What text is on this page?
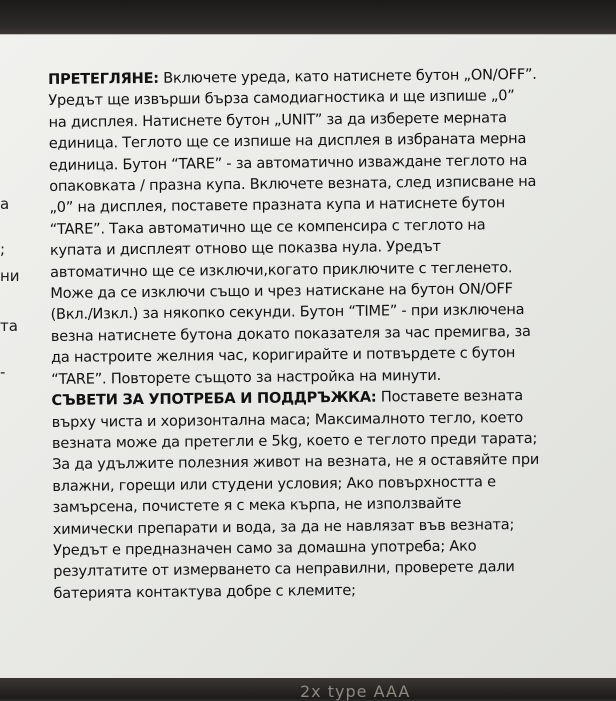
a
;
ни
та
-
ПРЕТЕГЛЯНЕ: Включете уреда, като натиснете бутон „ON/OFF”.
Уредът ще извърши бърза самодиагностика и ще изпише „0”
на дисплея. Натиснете бутон „UNIT” за да изберете мерната
единица. Теглото ще се изпише на дисплея в избраната мерна
единица. Бутон “TARE” - за автоматично изваждане теглото на
опаковката / празна купа. Включете везната, след изписване на
„0” на дисплея, поставете празната купа и натиснете бутон
“TARE”. Така автоматично ще се компенсира с теглото на
купата и дисплеят отново ще показва нула. Уредът
автоматично ще се изключи,когато приключите с тегленето.
Може да се изключи също и чрез натискане на бутон ON/OFF
(Вкл./Изкл.) за някопко секунди. Бутон “TIME” - при изключена
везна натиснете бутона докато показателя за час премигва, за
да настроите желния час, коригирайте и потвърдете с бутон
“TARE”. Повторете същото за настройка на минути.
СЪВЕТИ ЗА УПОТРЕБА И ПОДДРЪЖКА: Поставете везната
върху чиста и хоризонтална маса; Максималното тегло, което
везната може да претегли е 5kg, което е теглото преди тарата;
За да удължите полезния живот на везната, не я оставяйте при
влажни, горещи или студени условия; Ако повърхността е
замърсена, почистете я с мека кърпа, не използвайте
химически препарати и вода, за да не навлязат във везната;
Уредът е предназначен само за домашна употреба; Ако
резултатите от измерването са неправилни, проверете дали
батерията контактува добре с клемите;
2x type AAA
